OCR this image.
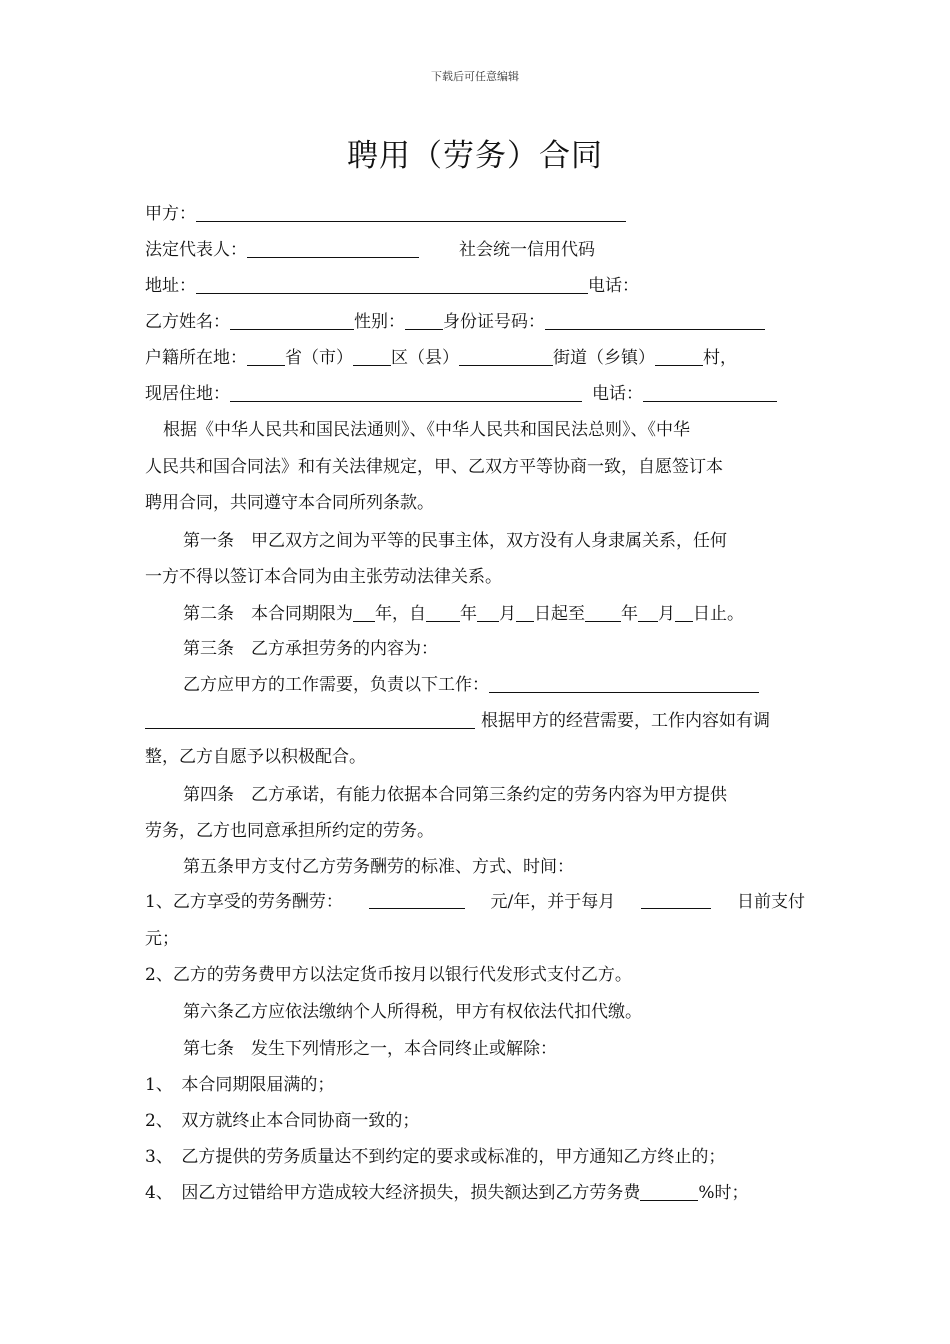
下载后可任意编辑
聘用（劳务）合同
甲方：
法定代表人：	社会统一信用代码
地址：	电话：
乙方姓名：	性别： 身份证号码：
户籍所在地： 省（市） 区（县）	街道（乡镇）	村，
现居住地：	电话：
根据《中华人民共和国民法通则》、《中华人民共和国民法总则》、《中华
人民共和国合同法》和有关法律规定，甲、乙双方平等协商一致，自愿签订本
聘用合同，共同遵守本合同所列条款。
第一条　甲乙双方之间为平等的民事主体，双方没有人身隶属关系，任何
一方不得以签订本合同为由主张劳动法律关系。
第二条　本合同期限为 年，自 年 月 日起至 年 月 日止。
第三条　乙方承担劳务的内容为：
乙方应甲方的工作需要，负责以下工作：
根据甲方的经营需要，工作内容如有调
整，乙方自愿予以积极配合。
第四条　乙方承诺，有能力依据本合同第三条约定的劳务内容为甲方提供
劳务，乙方也同意承担所约定的劳务。
第五条甲方支付乙方劳务酬劳的标准、方式、时间：
1、乙方享受的劳务酬劳：	元/年，并于每月	日前支付
元；
2、乙方的劳务费甲方以法定货币按月以银行代发形式支付乙方。
第六条乙方应依法缴纳个人所得税，甲方有权依法代扣代缴。
第七条　发生下列情形之一，本合同终止或解除：
1、　本合同期限届满的；
2、　双方就终止本合同协商一致的；
3、　乙方提供的劳务质量达不到约定的要求或标准的，甲方通知乙方终止的；
4、　因乙方过错给甲方造成较大经济损失，损失额达到乙方劳务费	%时；
